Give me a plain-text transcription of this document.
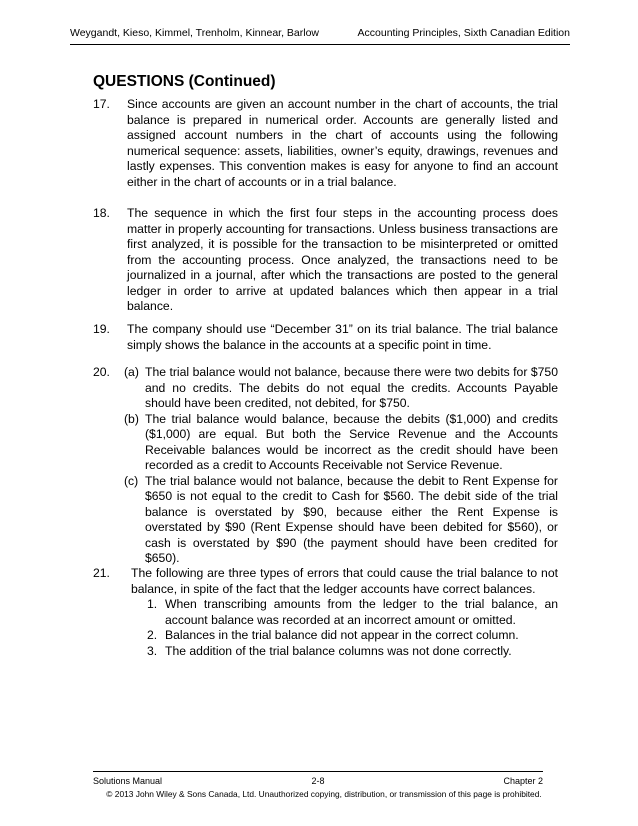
Weygandt, Kieso, Kimmel, Trenholm, Kinnear, Barlow	Accounting Principles, Sixth Canadian Edition
QUESTIONS (Continued)
17. Since accounts are given an account number in the chart of accounts, the trial balance is prepared in numerical order. Accounts are generally listed and assigned account numbers in the chart of accounts using the following numerical sequence: assets, liabilities, owner’s equity, drawings, revenues and lastly expenses. This convention makes is easy for anyone to find an account either in the chart of accounts or in a trial balance.
18. The sequence in which the first four steps in the accounting process does matter in properly accounting for transactions. Unless business transactions are first analyzed, it is possible for the transaction to be misinterpreted or omitted from the accounting process. Once analyzed, the transactions need to be journalized in a journal, after which the transactions are posted to the general ledger in order to arrive at updated balances which then appear in a trial balance.
19. The company should use “December 31” on its trial balance. The trial balance simply shows the balance in the accounts at a specific point in time.
20. (a) The trial balance would not balance, because there were two debits for $750 and no credits. The debits do not equal the credits. Accounts Payable should have been credited, not debited, for $750.
(b) The trial balance would balance, because the debits ($1,000) and credits ($1,000) are equal. But both the Service Revenue and the Accounts Receivable balances would be incorrect as the credit should have been recorded as a credit to Accounts Receivable not Service Revenue.
(c) The trial balance would not balance, because the debit to Rent Expense for $650 is not equal to the credit to Cash for $560. The debit side of the trial balance is overstated by $90, because either the Rent Expense is overstated by $90 (Rent Expense should have been debited for $560), or cash is overstated by $90 (the payment should have been credited for $650).
21. The following are three types of errors that could cause the trial balance to not balance, in spite of the fact that the ledger accounts have correct balances.
1. When transcribing amounts from the ledger to the trial balance, an account balance was recorded at an incorrect amount or omitted.
2. Balances in the trial balance did not appear in the correct column.
3. The addition of the trial balance columns was not done correctly.
Solutions Manual	2-8	Chapter 2
© 2013 John Wiley & Sons Canada, Ltd. Unauthorized copying, distribution, or transmission of this page is prohibited.
